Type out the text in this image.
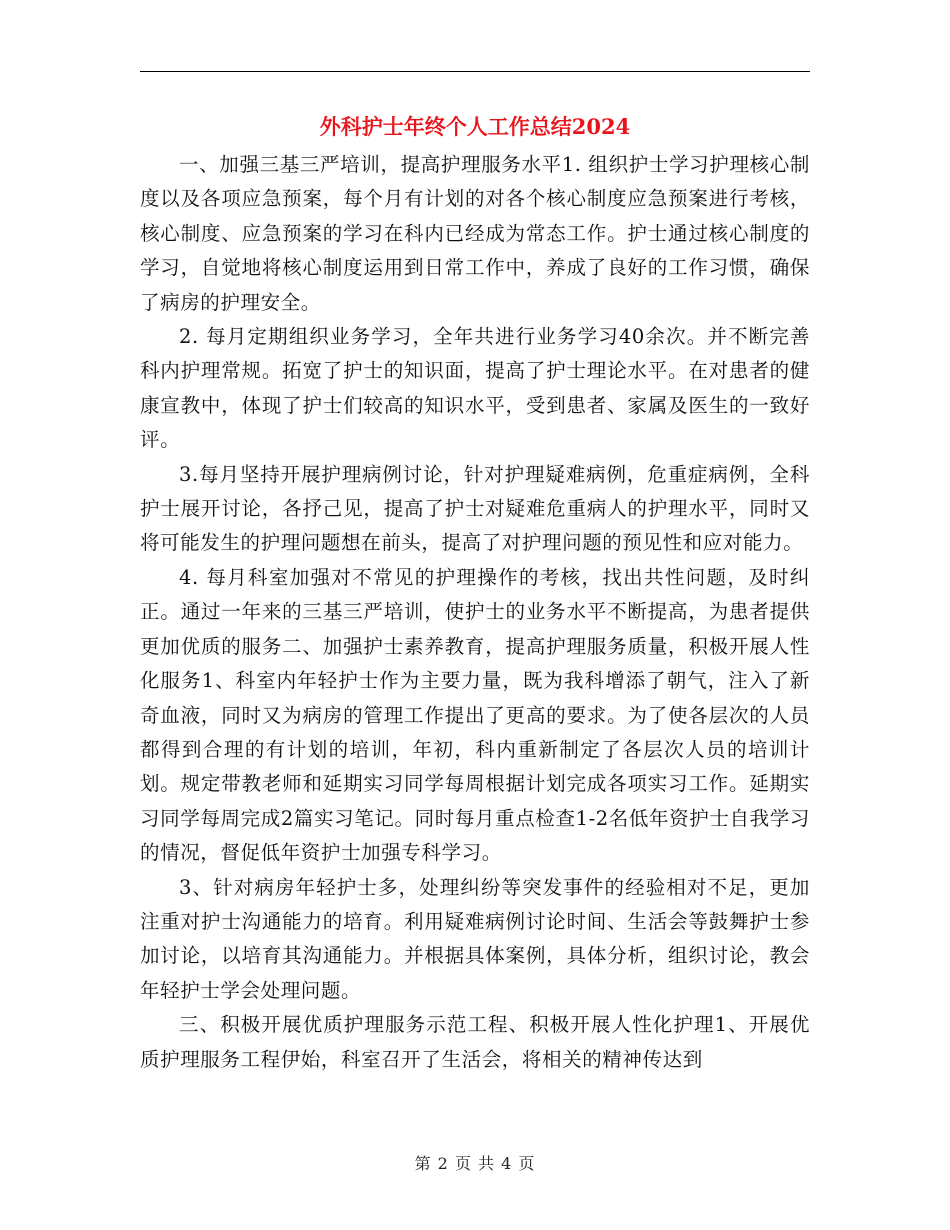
外科护士年终个人工作总结2024

一、加强三基三严培训，提高护理服务水平1. 组织护士学习护理核心制度以及各项应急预案，每个月有计划的对各个核心制度应急预案进行考核，核心制度、应急预案的学习在科内已经成为常态工作。护士通过核心制度的学习，自觉地将核心制度运用到日常工作中，养成了良好的工作习惯，确保了病房的护理安全。

2. 每月定期组织业务学习，全年共进行业务学习40余次。并不断完善科内护理常规。拓宽了护士的知识面，提高了护士理论水平。在对患者的健康宣教中，体现了护士们较高的知识水平，受到患者、家属及医生的一致好评。

3.每月坚持开展护理病例讨论，针对护理疑难病例，危重症病例，全科护士展开讨论，各抒己见，提高了护士对疑难危重病人的护理水平，同时又将可能发生的护理问题想在前头，提高了对护理问题的预见性和应对能力。

4. 每月科室加强对不常见的护理操作的考核，找出共性问题，及时纠正。通过一年来的三基三严培训，使护士的业务水平不断提高，为患者提供更加优质的服务二、加强护士素养教育，提高护理服务质量，积极开展人性化服务1、科室内年轻护士作为主要力量，既为我科增添了朝气，注入了新奇血液，同时又为病房的管理工作提出了更高的要求。为了使各层次的人员都得到合理的有计划的培训，年初，科内重新制定了各层次人员的培训计划。规定带教老师和延期实习同学每周根据计划完成各项实习工作。延期实习同学每周完成2篇实习笔记。同时每月重点检查1-2名低年资护士自我学习的情况，督促低年资护士加强专科学习。

3、针对病房年轻护士多，处理纠纷等突发事件的经验相对不足，更加注重对护士沟通能力的培育。利用疑难病例讨论时间、生活会等鼓舞护士参加讨论，以培育其沟通能力。并根据具体案例，具体分析，组织讨论，教会年轻护士学会处理问题。

三、积极开展优质护理服务示范工程、积极开展人性化护理1、开展优质护理服务工程伊始，科室召开了生活会，将相关的精神传达到

第 2 页 共 4 页
